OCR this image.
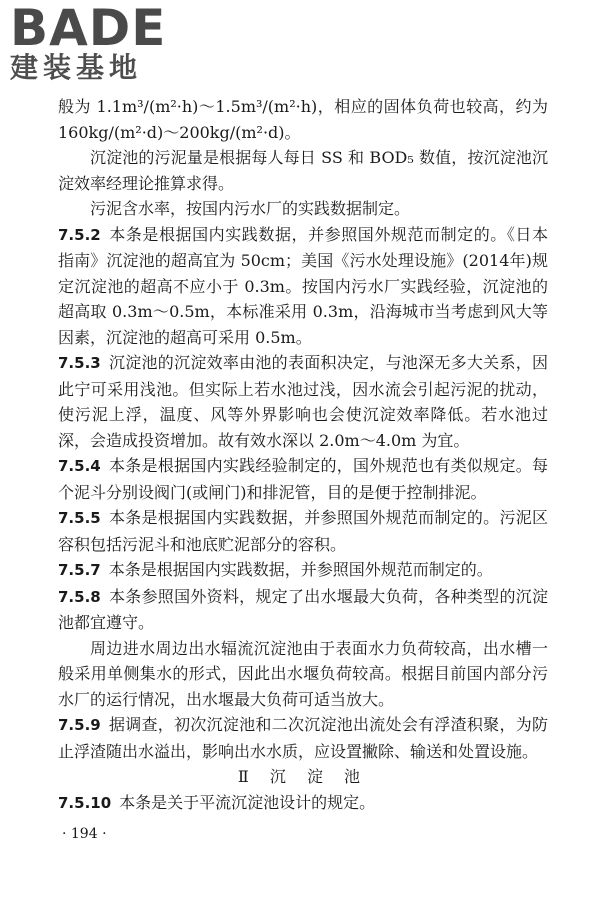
BADE
建装基地

般为 1.1m³/(m²·h)～1.5m³/(m²·h)，相应的固体负荷也较高，约为 160kg/(m²·d)～200kg/(m²·d)。

沉淀池的污泥量是根据每人每日 SS 和 BOD₅ 数值，按沉淀池沉淀效率经理论推算求得。

污泥含水率，按国内污水厂的实践数据制定。

7.5.2 本条是根据国内实践数据，并参照国外规范而制定的。《日本指南》沉淀池的超高宜为 50cm；美国《污水处理设施》(2014年)规定沉淀池的超高不应小于 0.3m。按国内污水厂实践经验，沉淀池的超高取 0.3m～0.5m，本标准采用 0.3m，沿海城市当考虑到风大等因素，沉淀池的超高可采用 0.5m。

7.5.3 沉淀池的沉淀效率由池的表面积决定，与池深无多大关系，因此宁可采用浅池。但实际上若水池过浅，因水流会引起污泥的扰动，使污泥上浮，温度、风等外界影响也会使沉淀效率降低。若水池过深，会造成投资增加。故有效水深以 2.0m～4.0m 为宜。

7.5.4 本条是根据国内实践经验制定的，国外规范也有类似规定。每个泥斗分别设阀门(或闸门)和排泥管，目的是便于控制排泥。

7.5.5 本条是根据国内实践数据，并参照国外规范而制定的。污泥区容积包括污泥斗和池底贮泥部分的容积。

7.5.7 本条是根据国内实践数据，并参照国外规范而制定的。

7.5.8 本条参照国外资料，规定了出水堰最大负荷，各种类型的沉淀池都宜遵守。

周边进水周边出水辐流沉淀池由于表面水力负荷较高，出水槽一般采用单侧集水的形式，因此出水堰负荷较高。根据目前国内部分污水厂的运行情况，出水堰最大负荷可适当放大。

7.5.9 据调查，初次沉淀池和二次沉淀池出流处会有浮渣积聚，为防止浮渣随出水溢出，影响出水水质，应设置撇除、输送和处置设施。

Ⅱ 沉 淀 池

7.5.10 本条是关于平流沉淀池设计的规定。

· 194 ·
